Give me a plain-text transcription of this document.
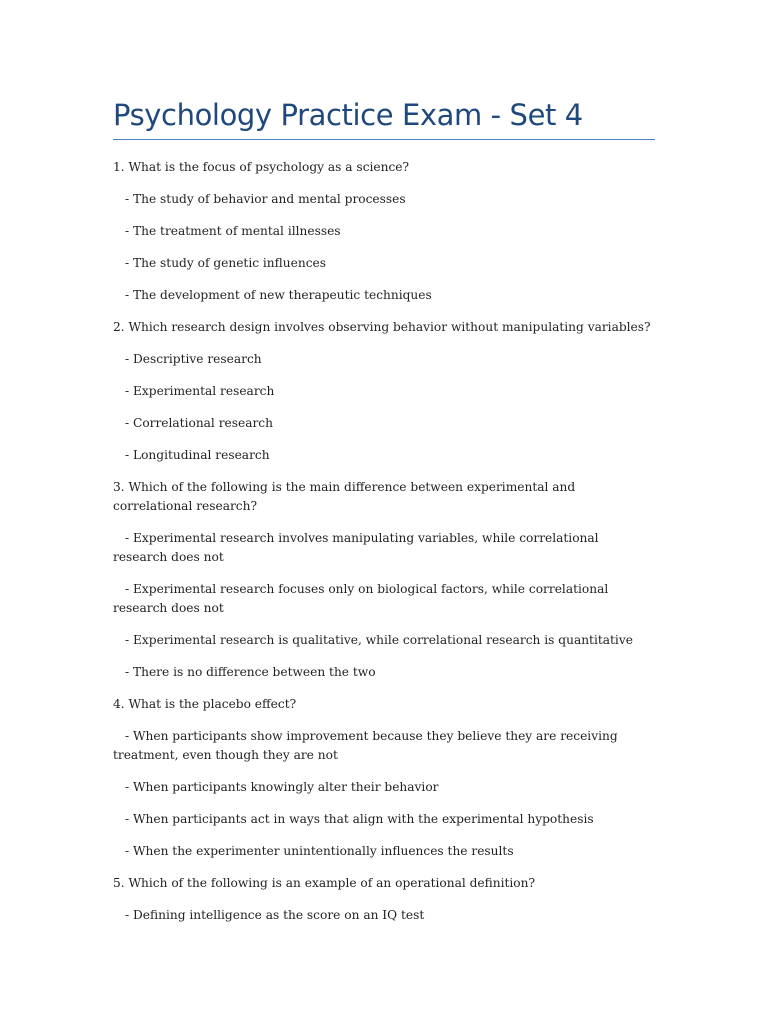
Psychology Practice Exam - Set 4

1. What is the focus of psychology as a science?

- The study of behavior and mental processes

- The treatment of mental illnesses

- The study of genetic influences

- The development of new therapeutic techniques

2. Which research design involves observing behavior without manipulating variables?

- Descriptive research

- Experimental research

- Correlational research

- Longitudinal research

3. Which of the following is the main difference between experimental and correlational research?

- Experimental research involves manipulating variables, while correlational research does not

- Experimental research focuses only on biological factors, while correlational research does not

- Experimental research is qualitative, while correlational research is quantitative

- There is no difference between the two

4. What is the placebo effect?

- When participants show improvement because they believe they are receiving treatment, even though they are not

- When participants knowingly alter their behavior

- When participants act in ways that align with the experimental hypothesis

- When the experimenter unintentionally influences the results

5. Which of the following is an example of an operational definition?

- Defining intelligence as the score on an IQ test
